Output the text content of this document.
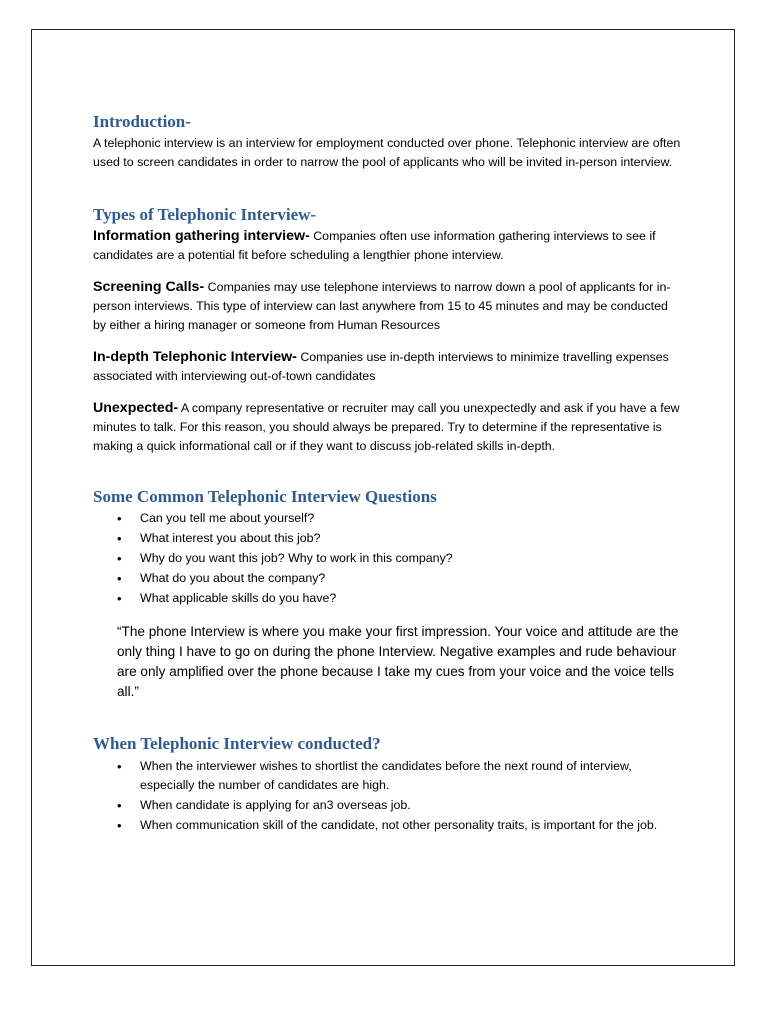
Introduction-

A telephonic interview is an interview for employment conducted over phone. Telephonic interview are often used to screen candidates in order to narrow the pool of applicants who will be invited in-person interview.

Types of Telephonic Interview-

Information gathering interview- Companies often use information gathering interviews to see if candidates are a potential fit before scheduling a lengthier phone interview.

Screening Calls- Companies may use telephone interviews to narrow down a pool of applicants for in-person interviews. This type of interview can last anywhere from 15 to 45 minutes and may be conducted by either a hiring manager or someone from Human Resources

In-depth Telephonic Interview- Companies use in-depth interviews to minimize travelling expenses associated with interviewing out-of-town candidates

Unexpected- A company representative or recruiter may call you unexpectedly and ask if you have a few minutes to talk. For this reason, you should always be prepared. Try to determine if the representative is making a quick informational call or if they want to discuss job-related skills in-depth.

Some Common Telephonic Interview Questions
• Can you tell me about yourself?
• What interest you about this job?
• Why do you want this job? Why to work in this company?
• What do you about the company?
• What applicable skills do you have?

“The phone Interview is where you make your first impression. Your voice and attitude are the only thing I have to go on during the phone Interview. Negative examples and rude behaviour are only amplified over the phone because I take my cues from your voice and the voice tells all.”

When Telephonic Interview conducted?
• When the interviewer wishes to shortlist the candidates before the next round of interview, especially the number of candidates are high.
• When candidate is applying for an3 overseas job.
• When communication skill of the candidate, not other personality traits, is important for the job.
